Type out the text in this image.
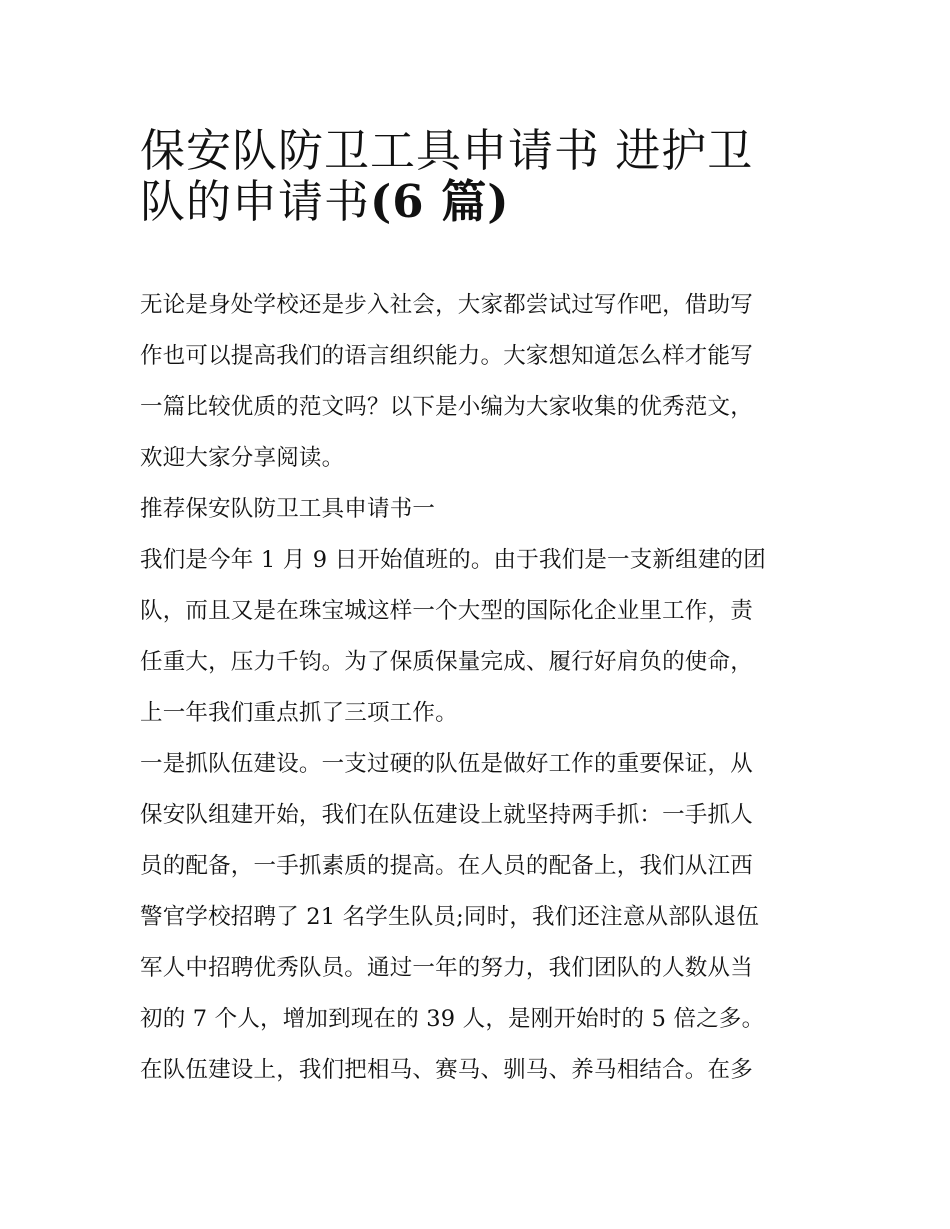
保安队防卫工具申请书 进护卫
队的申请书(6 篇)

无论是身处学校还是步入社会，大家都尝试过写作吧，借助写
作也可以提高我们的语言组织能力。大家想知道怎么样才能写
一篇比较优质的范文吗？以下是小编为大家收集的优秀范文，
欢迎大家分享阅读。

推荐保安队防卫工具申请书一

我们是今年 1 月 9 日开始值班的。由于我们是一支新组建的团
队，而且又是在珠宝城这样一个大型的国际化企业里工作，责
任重大，压力千钧。为了保质保量完成、履行好肩负的使命，
上一年我们重点抓了三项工作。

一是抓队伍建设。一支过硬的队伍是做好工作的重要保证，从
保安队组建开始，我们在队伍建设上就坚持两手抓：一手抓人
员的配备，一手抓素质的提高。在人员的配备上，我们从江西
警官学校招聘了 21 名学生队员;同时，我们还注意从部队退伍
军人中招聘优秀队员。通过一年的努力，我们团队的人数从当
初的 7 个人，增加到现在的 39 人，是刚开始时的 5 倍之多。

在队伍建设上，我们把相马、赛马、驯马、养马相结合。在多
